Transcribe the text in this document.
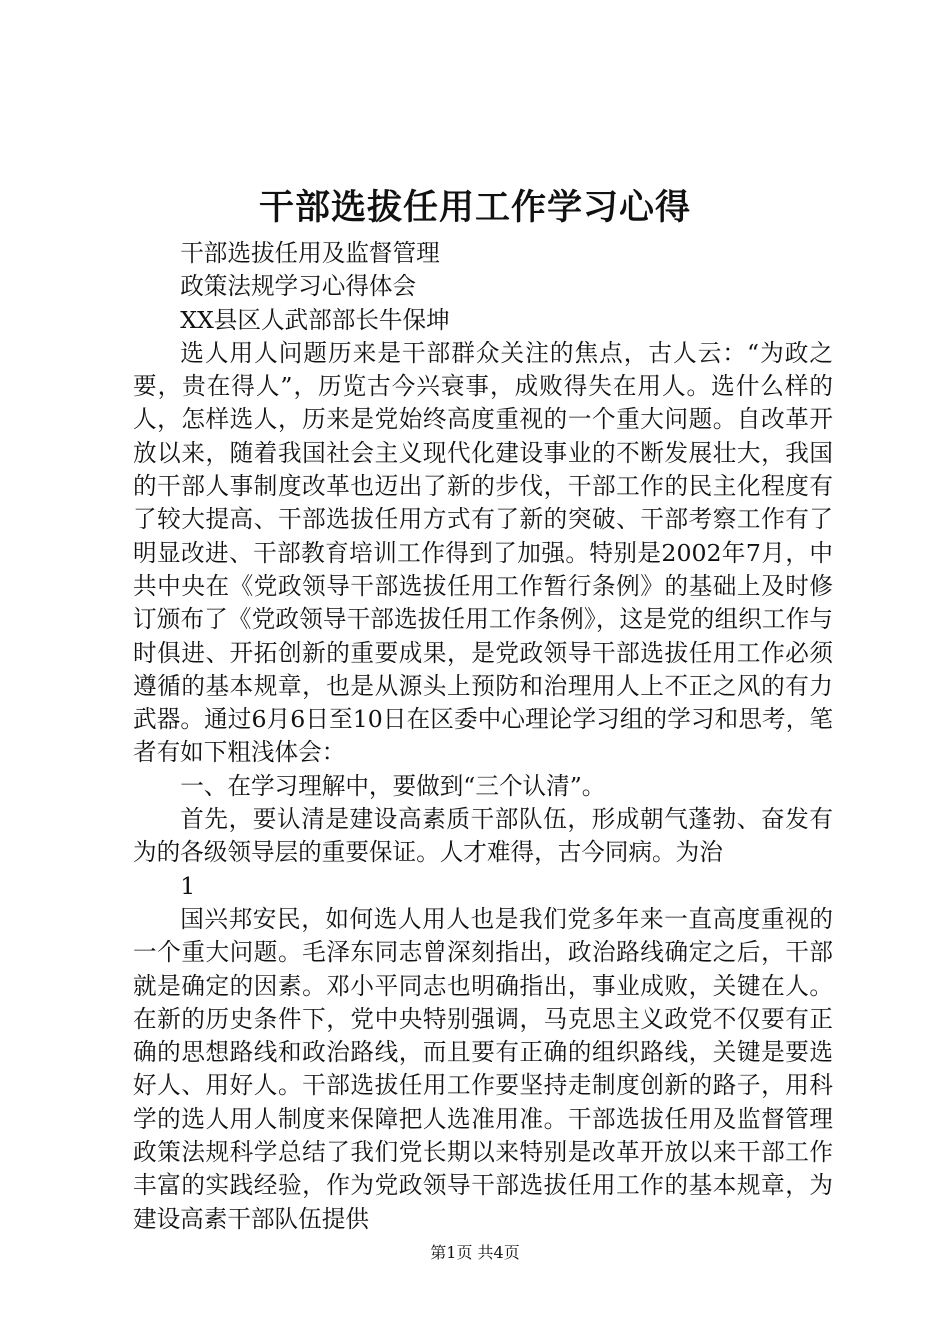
干部选拔任用工作学习心得

干部选拔任用及监督管理

政策法规学习心得体会

XX县区人武部部长牛保坤

选人用人问题历来是干部群众关注的焦点，古人云：“为政之要，贵在得人”，历览古今兴衰事，成败得失在用人。选什么样的人，怎样选人，历来是党始终高度重视的一个重大问题。自改革开放以来，随着我国社会主义现代化建设事业的不断发展壮大，我国的干部人事制度改革也迈出了新的步伐，干部工作的民主化程度有了较大提高、干部选拔任用方式有了新的突破、干部考察工作有了明显改进、干部教育培训工作得到了加强。特别是2002年7月，中共中央在《党政领导干部选拔任用工作暂行条例》的基础上及时修订颁布了《党政领导干部选拔任用工作条例》，这是党的组织工作与时俱进、开拓创新的重要成果，是党政领导干部选拔任用工作必须遵循的基本规章，也是从源头上预防和治理用人上不正之风的有力武器。通过6月6日至10日在区委中心理论学习组的学习和思考，笔者有如下粗浅体会：

一、在学习理解中，要做到“三个认清”。

首先，要认清是建设高素质干部队伍，形成朝气蓬勃、奋发有为的各级领导层的重要保证。人才难得，古今同病。为治

1

国兴邦安民，如何选人用人也是我们党多年来一直高度重视的一个重大问题。毛泽东同志曾深刻指出，政治路线确定之后，干部就是确定的因素。邓小平同志也明确指出，事业成败，关键在人。在新的历史条件下，党中央特别强调，马克思主义政党不仅要有正确的思想路线和政治路线，而且要有正确的组织路线，关键是要选好人、用好人。干部选拔任用工作要坚持走制度创新的路子，用科学的选人用人制度来保障把人选准用准。干部选拔任用及监督管理政策法规科学总结了我们党长期以来特别是改革开放以来干部工作丰富的实践经验，作为党政领导干部选拔任用工作的基本规章，为建设高素干部队伍提供

第1页 共4页
